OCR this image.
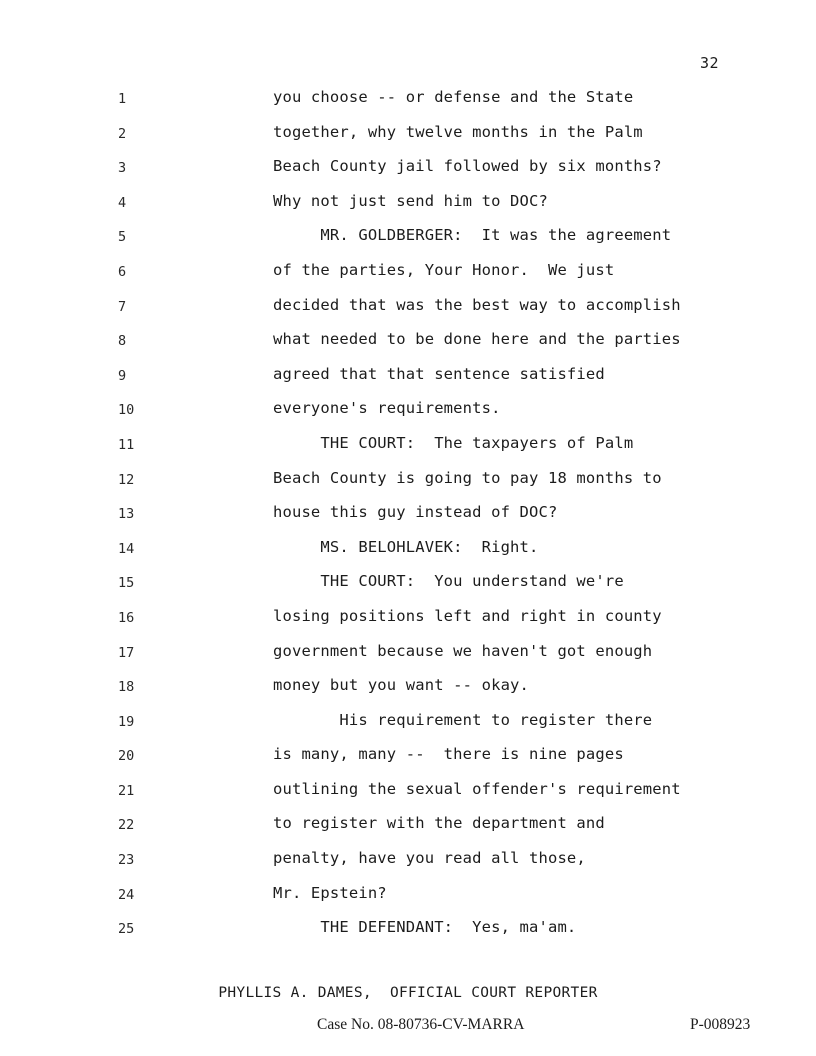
32
1	you choose -- or defense and the State
2	together, why twelve months in the Palm
3	Beach County jail followed by six months?
4	Why not just send him to DOC?
5	MR. GOLDBERGER:  It was the agreement
6	of the parties, Your Honor.  We just
7	decided that was the best way to accomplish
8	what needed to be done here and the parties
9	agreed that that sentence satisfied
10	everyone's requirements.
11	THE COURT:  The taxpayers of Palm
12	Beach County is going to pay 18 months to
13	house this guy instead of DOC?
14	MS. BELOHLAVEK:  Right.
15	THE COURT:  You understand we're
16	losing positions left and right in county
17	government because we haven't got enough
18	money but you want -- okay.
19	His requirement to register there
20	is many, many --  there is nine pages
21	outlining the sexual offender's requirement
22	to register with the department and
23	penalty, have you read all those,
24	Mr. Epstein?
25	THE DEFENDANT:  Yes, ma'am.
PHYLLIS A. DAMES,  OFFICIAL COURT REPORTER
Case No. 08-80736-CV-MARRA	P-008923
